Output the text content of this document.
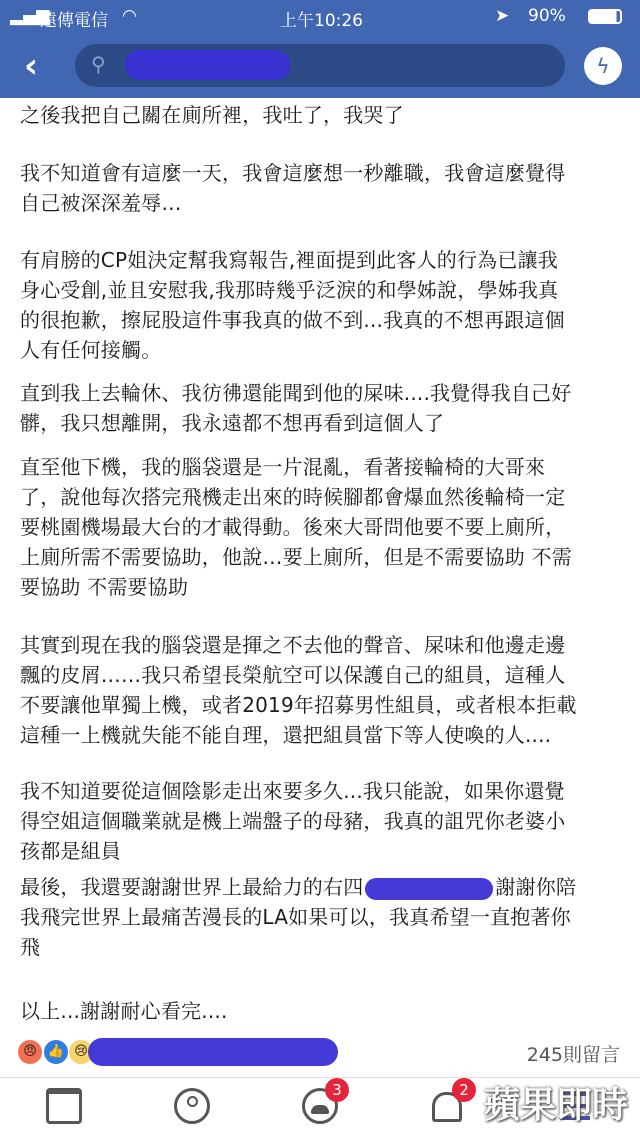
▂▄▆
遠傳電信 ◠	上午10:26	➤ 90%
‹	⚲	ϟ
之後我把自己關在廁所裡，我吐了，我哭了
我不知道會有這麼一天，我會這麼想一秒離職，我會這麼覺得
自己被深深羞辱…
有肩膀的CP姐決定幫我寫報告,裡面提到此客人的行為已讓我
身心受創,並且安慰我,我那時幾乎泛淚的和學姊說，學姊我真
的很抱歉，擦屁股這件事我真的做不到...我真的不想再跟這個
人有任何接觸。
直到我上去輪休、我彷彿還能聞到他的屎味....我覺得我自己好
髒，我只想離開，我永遠都不想再看到這個人了
直至他下機，我的腦袋還是一片混亂，看著接輪椅的大哥來
了，說他每次搭完飛機走出來的時候腳都會爆血然後輪椅一定
要桃園機場最大台的才載得動。後來大哥問他要不要上廁所，
上廁所需不需要協助，他說…要上廁所，但是不需要協助 不需
要協助 不需要協助
其實到現在我的腦袋還是揮之不去他的聲音、屎味和他邊走邊
飄的皮屑……我只希望長榮航空可以保護自己的組員，這種人
不要讓他單獨上機，或者2019年招募男性組員，或者根本拒載
這種一上機就失能不能自理，還把組員當下等人使喚的人....
我不知道要從這個陰影走出來要多久...我只能說，如果你還覺
得空姐這個職業就是機上端盤子的母豬，我真的詛咒你老婆小
孩都是組員
最後，我還要謝謝世界上最給力的右四	謝謝你陪
我飛完世界上最痛苦漫長的LA如果可以，我真希望一直抱著你
飛
以上...謝謝耐心看完....
😠 👍 😢	245則留言
3	2 蘋果即時
